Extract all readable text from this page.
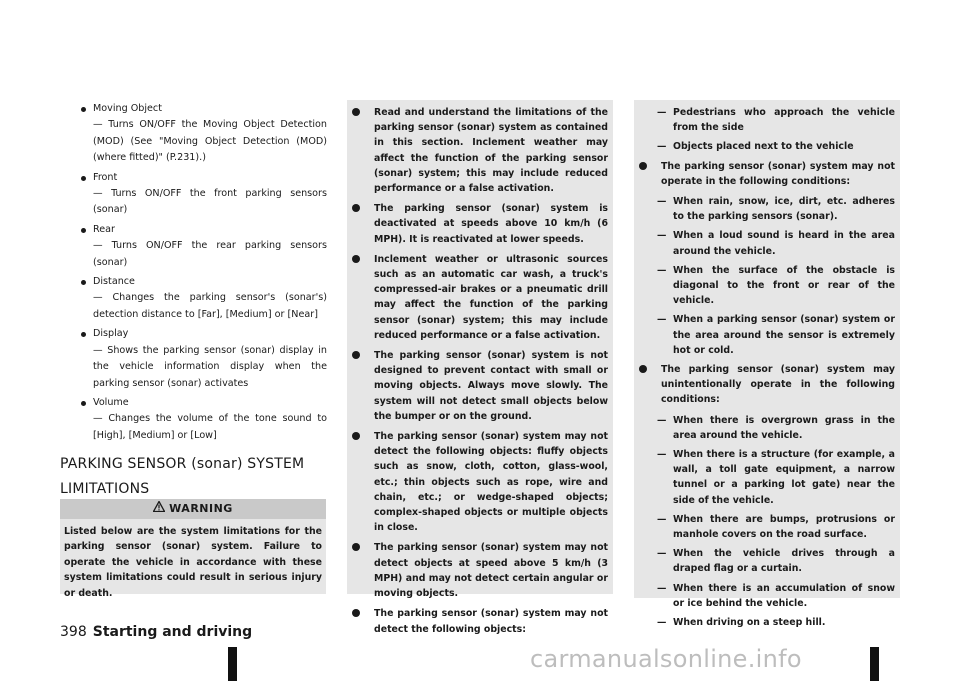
Moving Object
— Turns ON/OFF the Moving Object Detection (MOD) (See "Moving Object Detection (MOD) (where fitted)" (P.231).)
Front
— Turns ON/OFF the front parking sensors (sonar)
Rear
— Turns ON/OFF the rear parking sensors (sonar)
Distance
— Changes the parking sensor's (sonar's) detection distance to [Far], [Medium] or [Near]
Display
— Shows the parking sensor (sonar) display in the vehicle information display when the parking sensor (sonar) activates
Volume
— Changes the volume of the tone sound to [High], [Medium] or [Low]
PARKING SENSOR (sonar) SYSTEM LIMITATIONS
WARNING
Listed below are the system limitations for the parking sensor (sonar) system. Failure to operate the vehicle in accordance with these system limitations could result in serious injury or death.
Read and understand the limitations of the parking sensor (sonar) system as contained in this section. Inclement weather may affect the function of the parking sensor (sonar) system; this may include reduced performance or a false activation.
The parking sensor (sonar) system is deactivated at speeds above 10 km/h (6 MPH). It is reactivated at lower speeds.
Inclement weather or ultrasonic sources such as an automatic car wash, a truck's compressed-air brakes or a pneumatic drill may affect the function of the parking sensor (sonar) system; this may include reduced performance or a false activation.
The parking sensor (sonar) system is not designed to prevent contact with small or moving objects. Always move slowly. The system will not detect small objects below the bumper or on the ground.
The parking sensor (sonar) system may not detect the following objects: fluffy objects such as snow, cloth, cotton, glass-wool, etc.; thin objects such as rope, wire and chain, etc.; or wedge-shaped objects; complex-shaped objects or multiple objects in close.
The parking sensor (sonar) system may not detect objects at speed above 5 km/h (3 MPH) and may not detect certain angular or moving objects.
The parking sensor (sonar) system may not detect the following objects:
— Pedestrians who approach the vehicle from the side
— Objects placed next to the vehicle
The parking sensor (sonar) system may not operate in the following conditions:
— When rain, snow, ice, dirt, etc. adheres to the parking sensors (sonar).
— When a loud sound is heard in the area around the vehicle.
— When the surface of the obstacle is diagonal to the front or rear of the vehicle.
— When a parking sensor (sonar) system or the area around the sensor is extremely hot or cold.
The parking sensor (sonar) system may unintentionally operate in the following conditions:
— When there is overgrown grass in the area around the vehicle.
— When there is a structure (for example, a wall, a toll gate equipment, a narrow tunnel or a parking lot gate) near the side of the vehicle.
— When there are bumps, protrusions or manhole covers on the road surface.
— When the vehicle drives through a draped flag or a curtain.
— When there is an accumulation of snow or ice behind the vehicle.
— When driving on a steep hill.
398 Starting and driving
carmanualsonline.info
